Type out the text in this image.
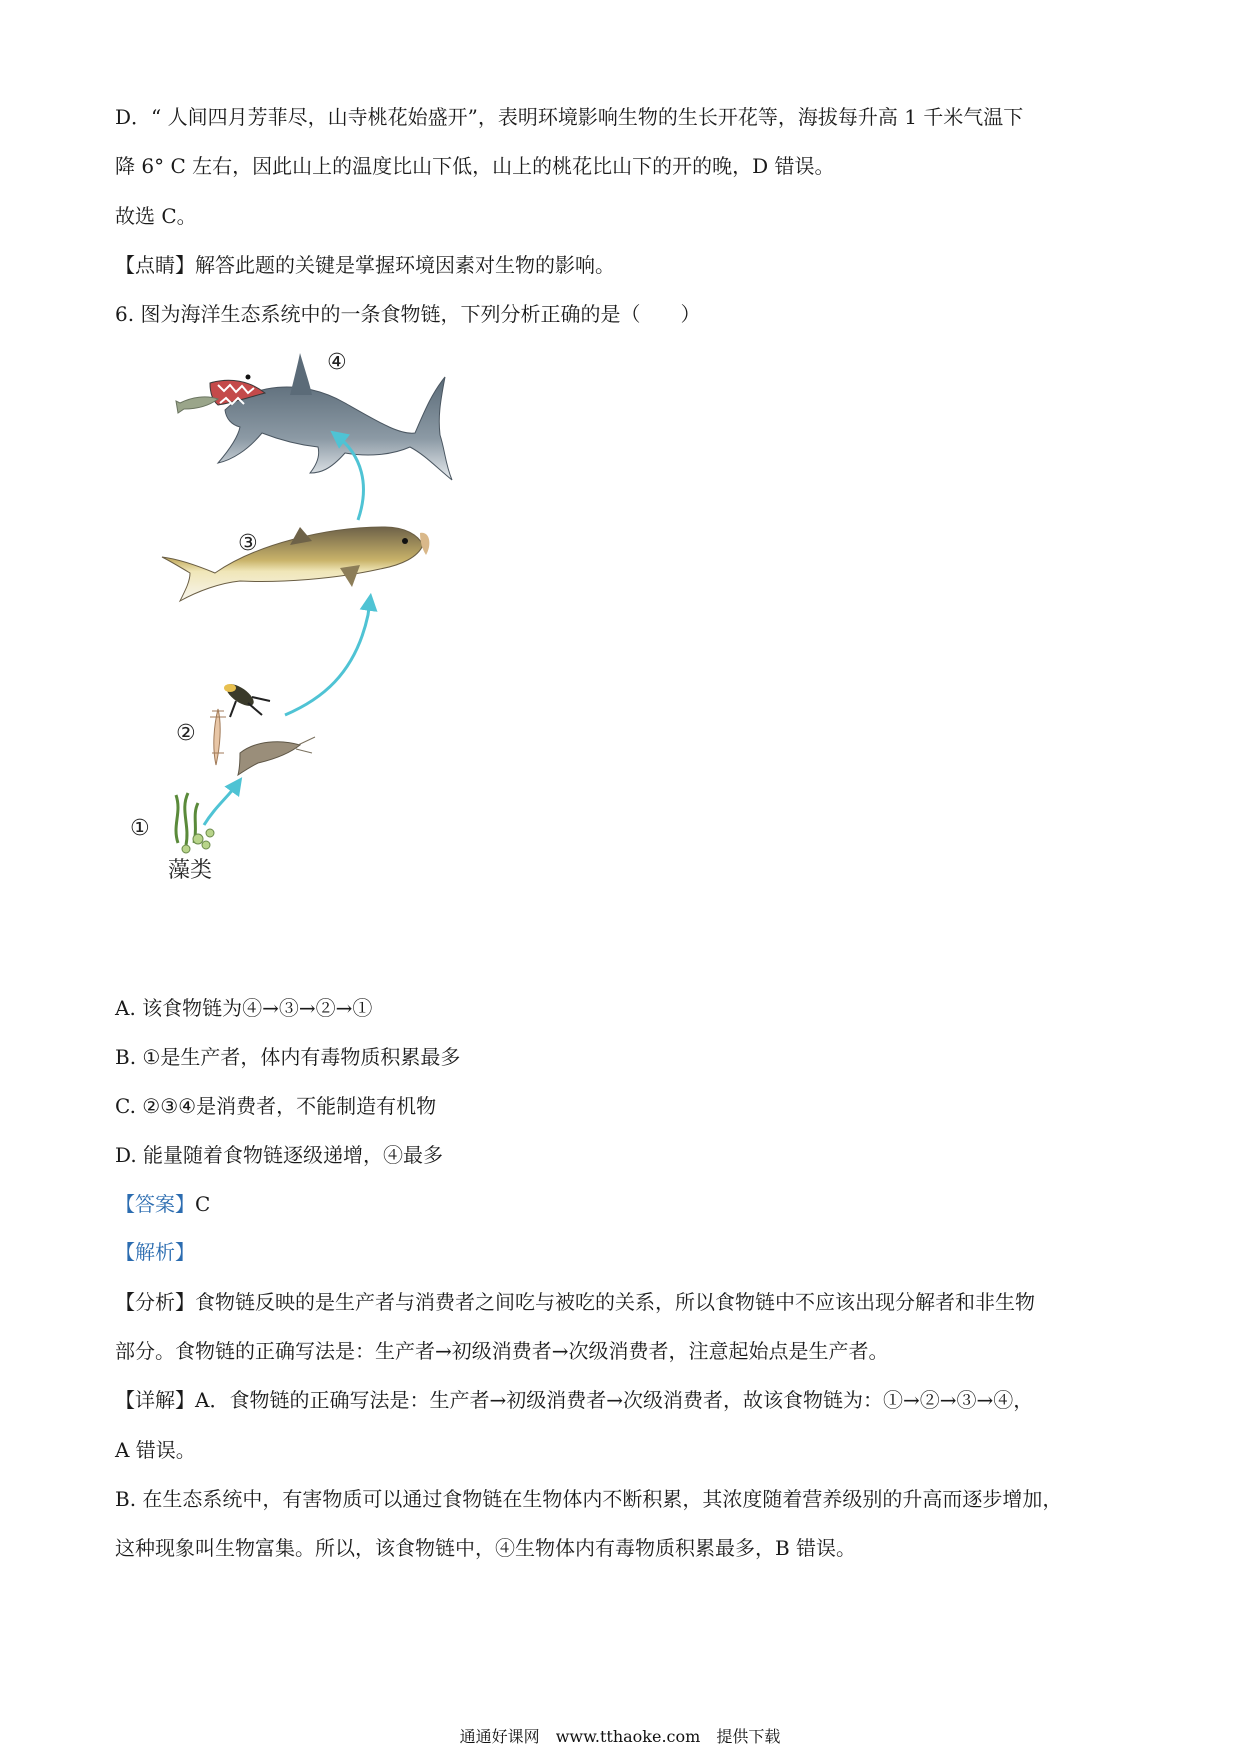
D．“ 人间四月芳菲尽，山寺桃花始盛开”，表明环境影响生物的生长开花等，海拔每升高 1 千米气温下

降 6° C 左右，因此山上的温度比山下低，山上的桃花比山下的开的晚，D 错误。

故选 C。

【点睛】解答此题的关键是掌握环境因素对生物的影响。

6. 图为海洋生态系统中的一条食物链，下列分析正确的是（　　）

④
③
②
①
藻类

A. 该食物链为④→③→②→①

B. ①是生产者，体内有毒物质积累最多

C. ②③④是消费者，不能制造有机物

D. 能量随着食物链逐级递增，④最多

【答案】C

【解析】

【分析】食物链反映的是生产者与消费者之间吃与被吃的关系，所以食物链中不应该出现分解者和非生物

部分。食物链的正确写法是：生产者→初级消费者→次级消费者，注意起始点是生产者。

【详解】A．食物链的正确写法是：生产者→初级消费者→次级消费者，故该食物链为：①→②→③→④，

A 错误。

B. 在生态系统中，有害物质可以通过食物链在生物体内不断积累，其浓度随着营养级别的升高而逐步增加，

这种现象叫生物富集。所以，该食物链中，④生物体内有毒物质积累最多，B 错误。

通通好课网 www.tthaoke.com 提供下载
